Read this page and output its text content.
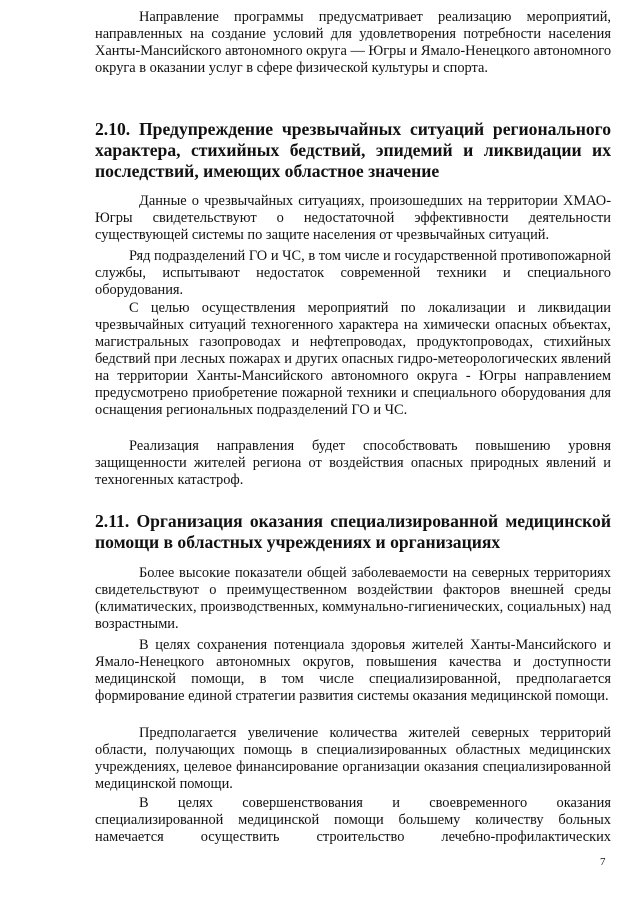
Направление программы предусматривает реализацию мероприятий, направленных на создание условий для удовлетворения потребности населения Ханты-Мансийского автономного округа — Югры и Ямало-Ненецкого автономного округа в оказании услуг в сфере физической культуры и спорта.

2.10. Предупреждение чрезвычайных ситуаций регионального характера, стихийных бедствий, эпидемий и ликвидации их последствий, имеющих областное значение

Данные о чрезвычайных ситуациях, произошедших на территории ХМАО-Югры свидетельствуют о недостаточной эффективности деятельности существующей системы по защите населения от чрезвычайных ситуаций.

Ряд подразделений ГО и ЧС, в том числе и государственной противопожарной службы, испытывают недостаток современной техники и специального оборудования.

С целью осуществления мероприятий по локализации и ликвидации чрезвычайных ситуаций техногенного характера на химически опасных объектах, магистральных газопроводах и нефтепроводах, продуктопроводах, стихийных бедствий при лесных пожарах и других опасных гидро-метеорологических явлений на территории Ханты-Мансийского автономного округа - Югры направлением предусмотрено приобретение пожарной техники и специального оборудования для оснащения региональных подразделений ГО и ЧС.

Реализация направления будет способствовать повышению уровня защищенности жителей региона от воздействия опасных природных явлений и техногенных катастроф.

2.11. Организация оказания специализированной медицинской помощи в областных учреждениях и организациях

Более высокие показатели общей заболеваемости на северных территориях свидетельствуют о преимущественном воздействии факторов внешней среды (климатических, производственных, коммунально-гигиенических, социальных) над возрастными.

В целях сохранения потенциала здоровья жителей Ханты-Мансийского и Ямало-Ненецкого автономных округов, повышения качества и доступности медицинской помощи, в том числе специализированной, предполагается формирование единой стратегии развития системы оказания медицинской помощи.

Предполагается увеличение количества жителей северных территорий области, получающих помощь в специализированных областных медицинских учреждениях, целевое финансирование организации оказания специализированной медицинской помощи.

В целях совершенствования и своевременного оказания специализированной медицинской помощи большему количеству больных намечается осуществить строительство лечебно-профилактических

7
